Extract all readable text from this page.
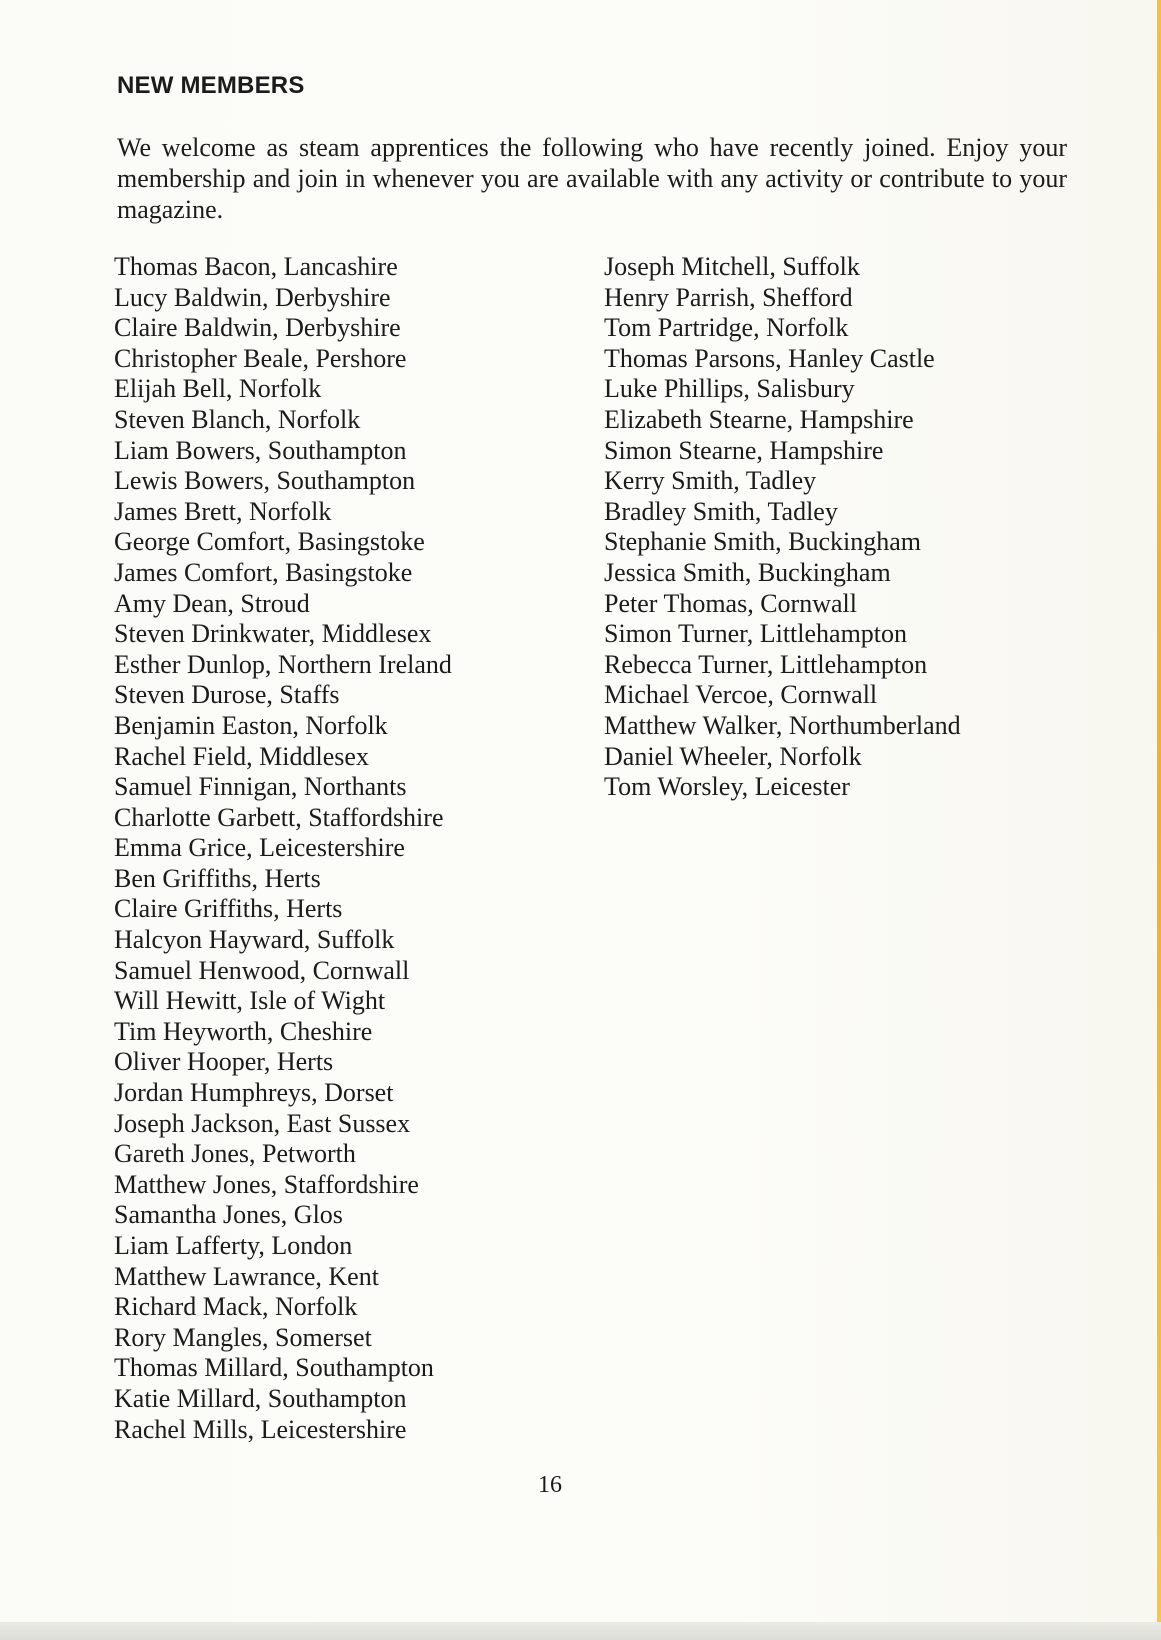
NEW MEMBERS

We welcome as steam apprentices the following who have recently joined. Enjoy your membership and join in whenever you are available with any activity or contribute to your magazine.

Thomas Bacon, Lancashire
Lucy Baldwin, Derbyshire
Claire Baldwin, Derbyshire
Christopher Beale, Pershore
Elijah Bell, Norfolk
Steven Blanch, Norfolk
Liam Bowers, Southampton
Lewis Bowers, Southampton
James Brett, Norfolk
George Comfort, Basingstoke
James Comfort, Basingstoke
Amy Dean, Stroud
Steven Drinkwater, Middlesex
Esther Dunlop, Northern Ireland
Steven Durose, Staffs
Benjamin Easton, Norfolk
Rachel Field, Middlesex
Samuel Finnigan, Northants
Charlotte Garbett, Staffordshire
Emma Grice, Leicestershire
Ben Griffiths, Herts
Claire Griffiths, Herts
Halcyon Hayward, Suffolk
Samuel Henwood, Cornwall
Will Hewitt, Isle of Wight
Tim Heyworth, Cheshire
Oliver Hooper, Herts
Jordan Humphreys, Dorset
Joseph Jackson, East Sussex
Gareth Jones, Petworth
Matthew Jones, Staffordshire
Samantha Jones, Glos
Liam Lafferty, London
Matthew Lawrance, Kent
Richard Mack, Norfolk
Rory Mangles, Somerset
Thomas Millard, Southampton
Katie Millard, Southampton
Rachel Mills, Leicestershire
Joseph Mitchell, Suffolk
Henry Parrish, Shefford
Tom Partridge, Norfolk
Thomas Parsons, Hanley Castle
Luke Phillips, Salisbury
Elizabeth Stearne, Hampshire
Simon Stearne, Hampshire
Kerry Smith, Tadley
Bradley Smith, Tadley
Stephanie Smith, Buckingham
Jessica Smith, Buckingham
Peter Thomas, Cornwall
Simon Turner, Littlehampton
Rebecca Turner, Littlehampton
Michael Vercoe, Cornwall
Matthew Walker, Northumberland
Daniel Wheeler, Norfolk
Tom Worsley, Leicester
16
